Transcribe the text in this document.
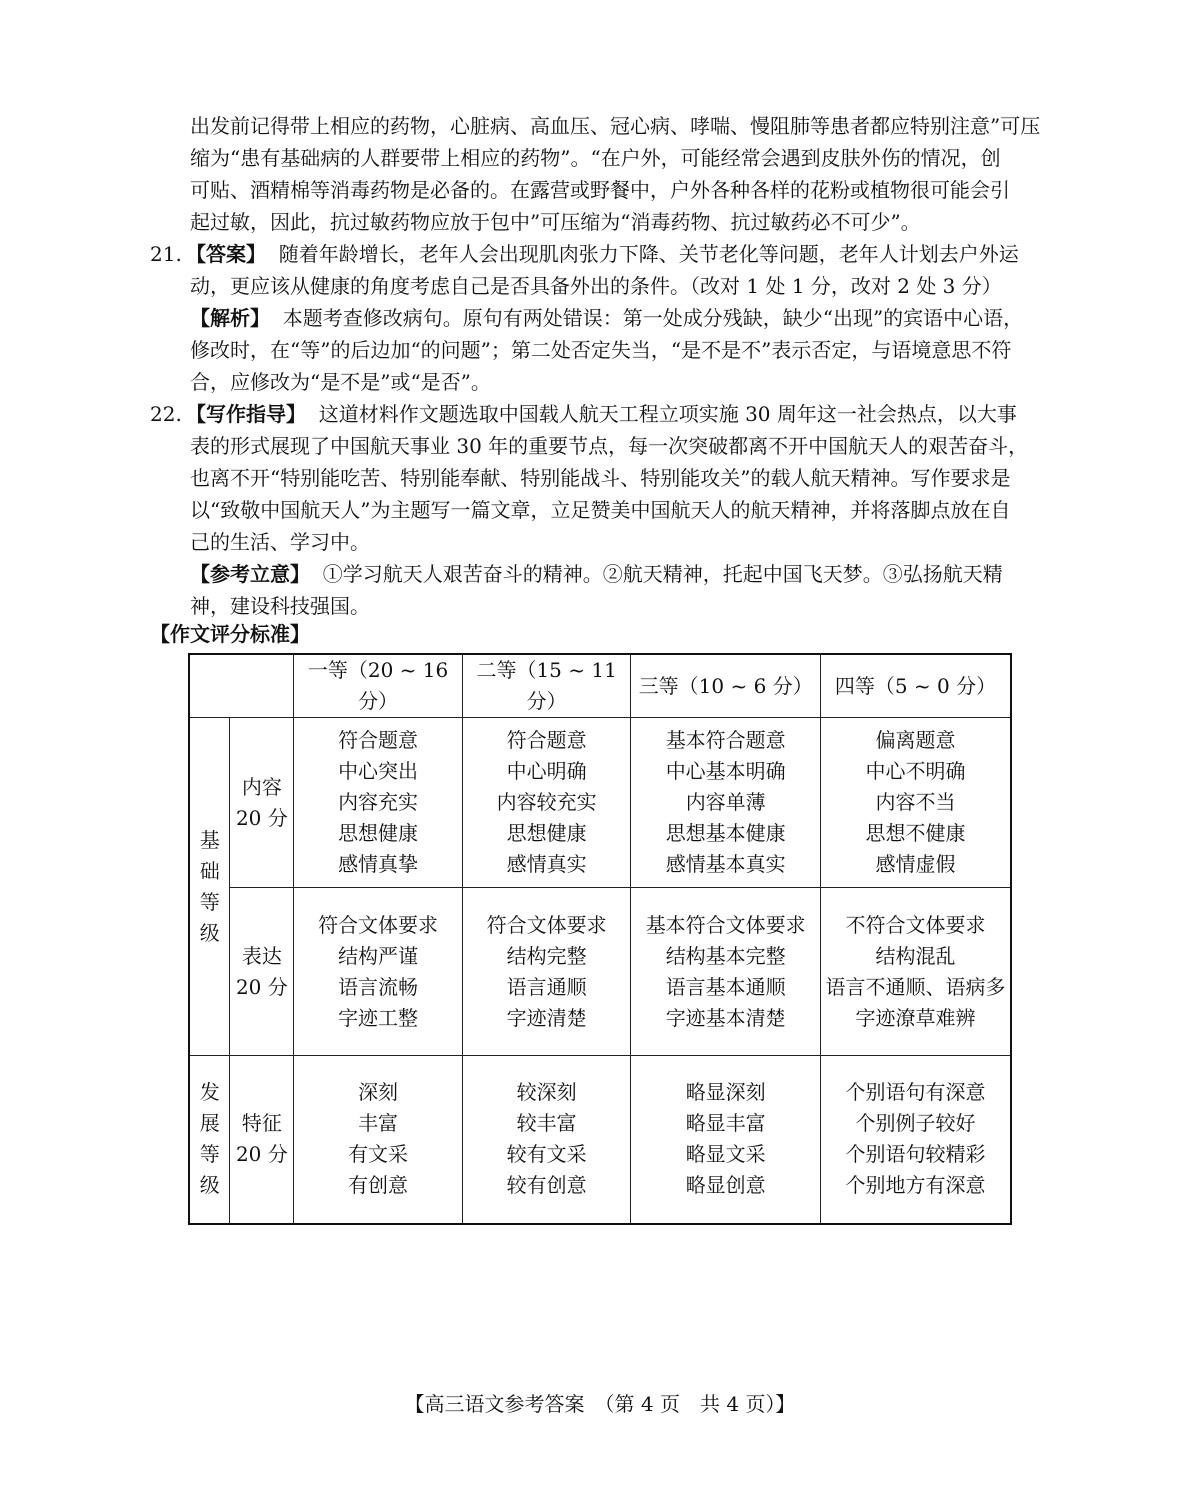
出发前记得带上相应的药物，心脏病、高血压、冠心病、哮喘、慢阻肺等患者都应特别注意”可压
缩为“患有基础病的人群要带上相应的药物”。“在户外，可能经常会遇到皮肤外伤的情况，创
可贴、酒精棉等消毒药物是必备的。在露营或野餐中，户外各种各样的花粉或植物很可能会引
起过敏，因此，抗过敏药物应放于包中”可压缩为“消毒药物、抗过敏药必不可少”。
21. 【答案】 随着年龄增长，老年人会出现肌肉张力下降、关节老化等问题，老年人计划去户外运
动，更应该从健康的角度考虑自己是否具备外出的条件。（改对 1 处 1 分，改对 2 处 3 分）
【解析】 本题考查修改病句。原句有两处错误：第一处成分残缺，缺少“出现”的宾语中心语，
修改时，在“等”的后边加“的问题”；第二处否定失当，“是不是不”表示否定，与语境意思不符
合，应修改为“是不是”或“是否”。
22. 【写作指导】 这道材料作文题选取中国载人航天工程立项实施 30 周年这一社会热点，以大事
表的形式展现了中国航天事业 30 年的重要节点，每一次突破都离不开中国航天人的艰苦奋斗，
也离不开“特别能吃苦、特别能奉献、特别能战斗、特别能攻关”的载人航天精神。写作要求是
以“致敬中国航天人”为主题写一篇文章，立足赞美中国航天人的航天精神，并将落脚点放在自
己的生活、学习中。
【参考立意】 ①学习航天人艰苦奋斗的精神。②航天精神，托起中国飞天梦。③弘扬航天精
神，建设科技强国。
【作文评分标准】
		一等（20 ~ 16 分）	二等（15 ~ 11 分）	三等（10 ~ 6 分）	四等（5 ~ 0 分）

基
础
等
级	内容
20 分	符合题意
中心突出
内容充实
思想健康
感情真挚	符合题意
中心明确
内容较充实
思想健康
感情真实	基本符合题意
中心基本明确
内容单薄
思想基本健康
感情基本真实	偏离题意
中心不明确
内容不当
思想不健康
感情虚假

	表达
20 分	符合文体要求
结构严谨
语言流畅
字迹工整	符合文体要求
结构完整
语言通顺
字迹清楚	基本符合文体要求
结构基本完整
语言基本通顺
字迹基本清楚	不符合文体要求
结构混乱
语言不通顺、语病多
字迹潦草难辨

发
展
等
级	特征
20 分	深刻
丰富
有文采
有创意	较深刻
较丰富
较有文采
较有创意	略显深刻
略显丰富
略显文采
略显创意	个别语句有深意
个别例子较好
个别语句较精彩
个别地方有深意
【高三语文参考答案　（第 4 页　共 4 页）】
